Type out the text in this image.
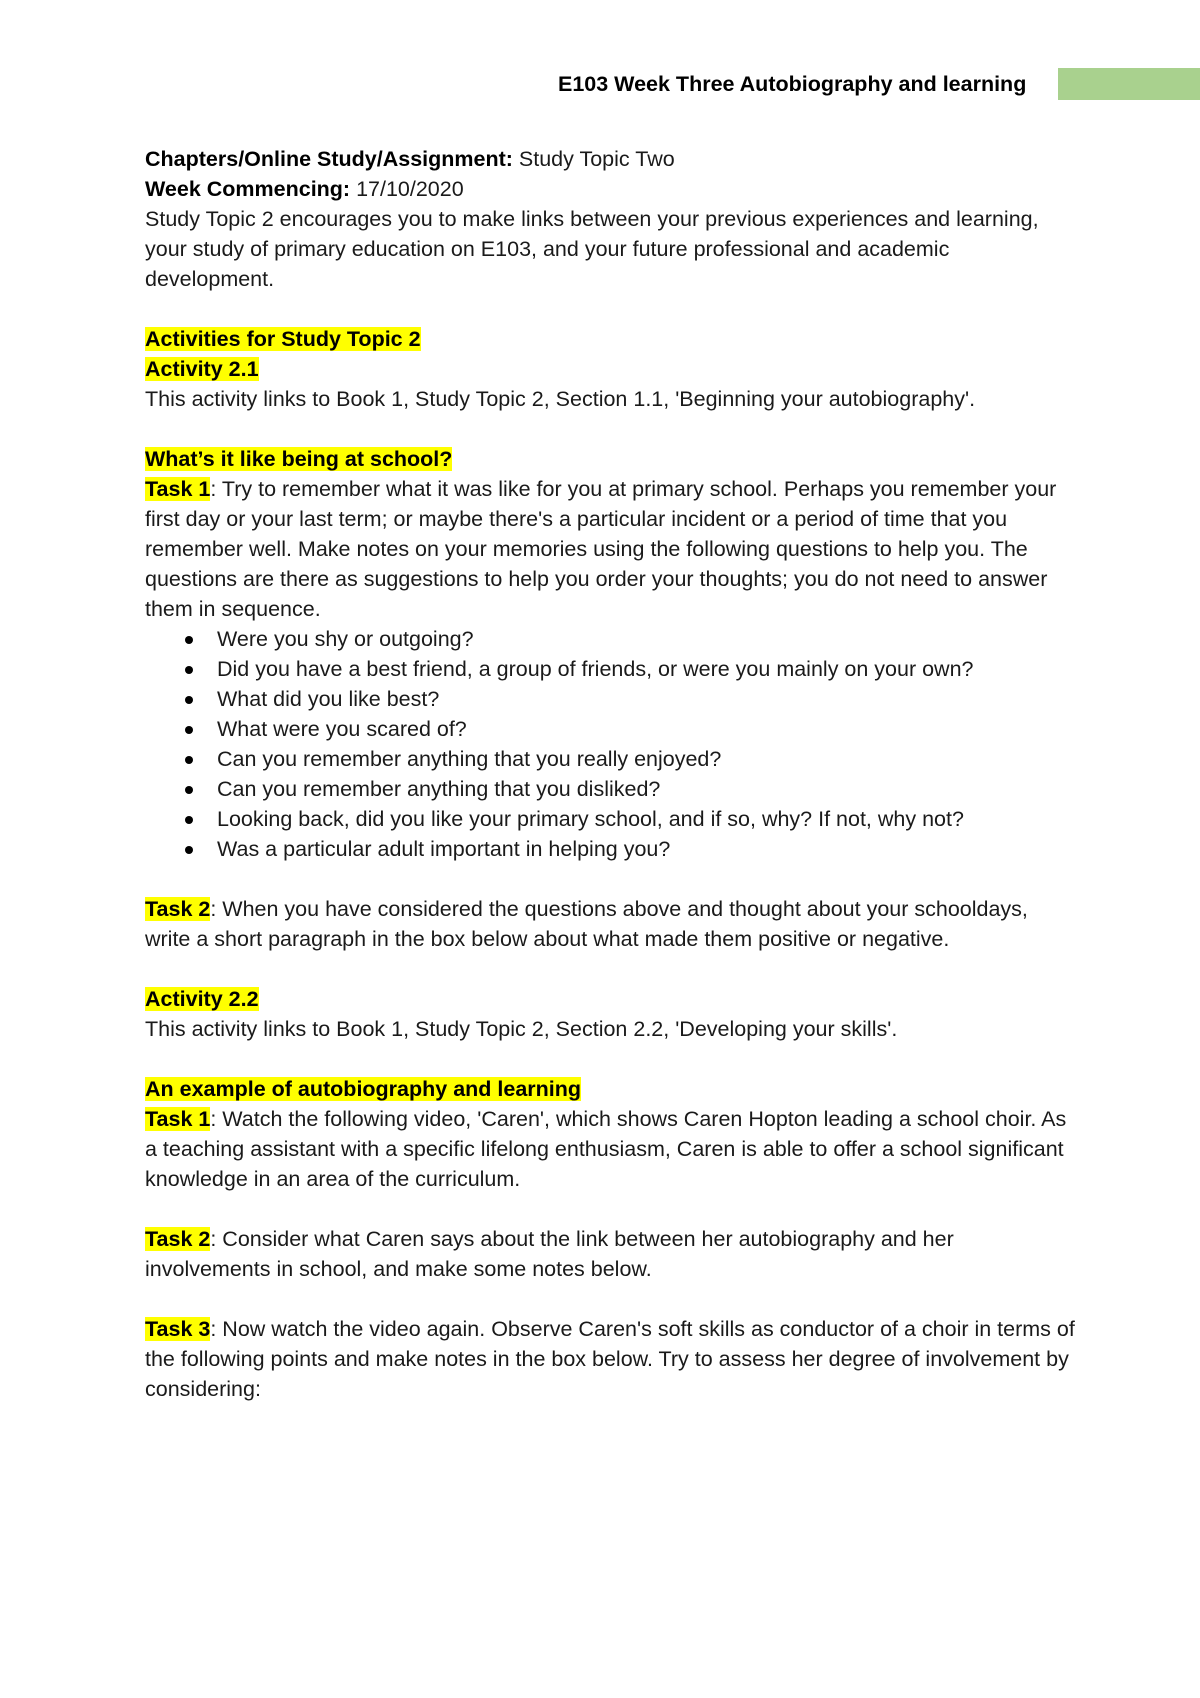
E103 Week Three Autobiography and learning

Chapters/Online Study/Assignment: Study Topic Two

Week Commencing: 17/10/2020

Study Topic 2 encourages you to make links between your previous experiences and learning, your study of primary education on E103, and your future professional and academic development.

Activities for Study Topic 2

Activity 2.1

This activity links to Book 1, Study Topic 2, Section 1.1, 'Beginning your autobiography'.

What’s it like being at school?

Task 1: Try to remember what it was like for you at primary school. Perhaps you remember your first day or your last term; or maybe there's a particular incident or a period of time that you remember well. Make notes on your memories using the following questions to help you. The questions are there as suggestions to help you order your thoughts; you do not need to answer them in sequence.

Were you shy or outgoing?
Did you have a best friend, a group of friends, or were you mainly on your own?
What did you like best?
What were you scared of?
Can you remember anything that you really enjoyed?
Can you remember anything that you disliked?
Looking back, did you like your primary school, and if so, why? If not, why not?
Was a particular adult important in helping you?

Task 2: When you have considered the questions above and thought about your schooldays, write a short paragraph in the box below about what made them positive or negative.

Activity 2.2

This activity links to Book 1, Study Topic 2, Section 2.2, 'Developing your skills'.

An example of autobiography and learning

Task 1: Watch the following video, 'Caren', which shows Caren Hopton leading a school choir. As a teaching assistant with a specific lifelong enthusiasm, Caren is able to offer a school significant knowledge in an area of the curriculum.

Task 2: Consider what Caren says about the link between her autobiography and her involvements in school, and make some notes below.

Task 3: Now watch the video again. Observe Caren's soft skills as conductor of a choir in terms of the following points and make notes in the box below. Try to assess her degree of involvement by considering:
